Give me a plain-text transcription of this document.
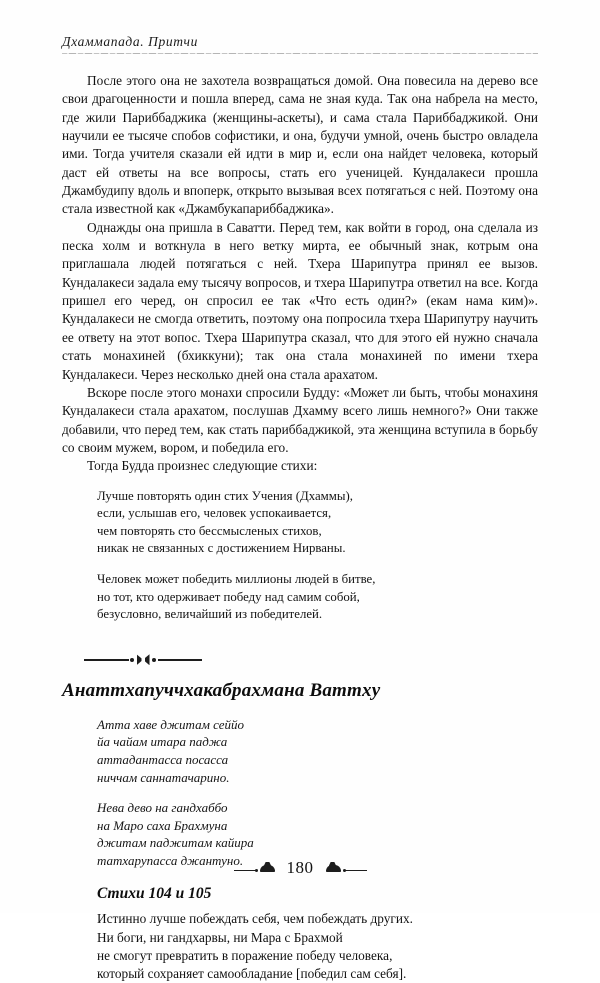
Дхаммапада. Притчи

После этого она не захотела возвращаться домой. Она повесила на дерево все свои драгоценности и пошла вперед, сама не зная куда. Так она набрела на место, где жили Париббаджика (женщины-аскеты), и сама стала Париббаджикой. Они научили ее тысяче спобов софистики, и она, будучи умной, очень быстро овладела ими. Тогда учителя сказали ей идти в мир и, если она найдет человека, который даст ей ответы на все вопросы, стать его ученицей. Кундалакеси прошла Джамбудипу вдоль и впоперк, открыто вызывая всех потягаться с ней. Поэтому она стала известной как «Джамбукапариббаджика».

Однажды она пришла в Саватти. Перед тем, как войти в город, она сделала из песка холм и воткнула в него ветку мирта, ее обычный знак, котрым она приглашала людей потягаться с ней. Тхера Шарипутра принял ее вызов. Кундалакеси задала ему тысячу вопросов, и тхера Шарипутра ответил на все. Когда пришел его черед, он спросил ее так «Что есть один?» (екам нама ким)». Кундалакеси не смогда ответить, поэтому она попросила тхера Шарипутру научить ее ответу на этот вопос. Тхера Шарипутра сказал, что для этого ей нужно сначала стать монахиней (бхиккуни); так она стала монахиней по имени тхера Кундалакеси. Через несколько дней она стала арахатом.

Вскоре после этого монахи спросили Будду: «Может ли быть, чтобы монахиня Кундалакеси стала арахатом, послушав Дхамму всего лишь немного?» Они также добавили, что перед тем, как стать париббаджикой, эта женщина вступила в борьбу со своим мужем, вором, и победила его.

Тогда Будда произнес следующие стихи:

Лучше повторять один стих Учения (Дхаммы),
если, услышав его, человек успокаивается,
чем повторять сто бессмысленых стихов,
никак не связанных с достижением Нирваны.
Человек может победить миллионы людей в битве,
но тот, кто одерживает победу над самим собой,
безусловно, величайший из победителей.
Анаттхапуччхакабрахмана Ваттху
Атта хаве джитам сеййо
йа чайам итара паджа
аттадантасса посасса
ниччам саннатачарино.
Нева дево на гандхаббо
на Маро саха Брахмуна
джитам паджитам кайира
татхарупасса джантуно.
Стихи 104 и 105
Истинно лучше побеждать себя, чем побеждать других.
Ни боги, ни гандхарвы, ни Мара с Брахмой
не смогут превратить в поражение победу человека,
который сохраняет самообладание [победил сам себя].
180
